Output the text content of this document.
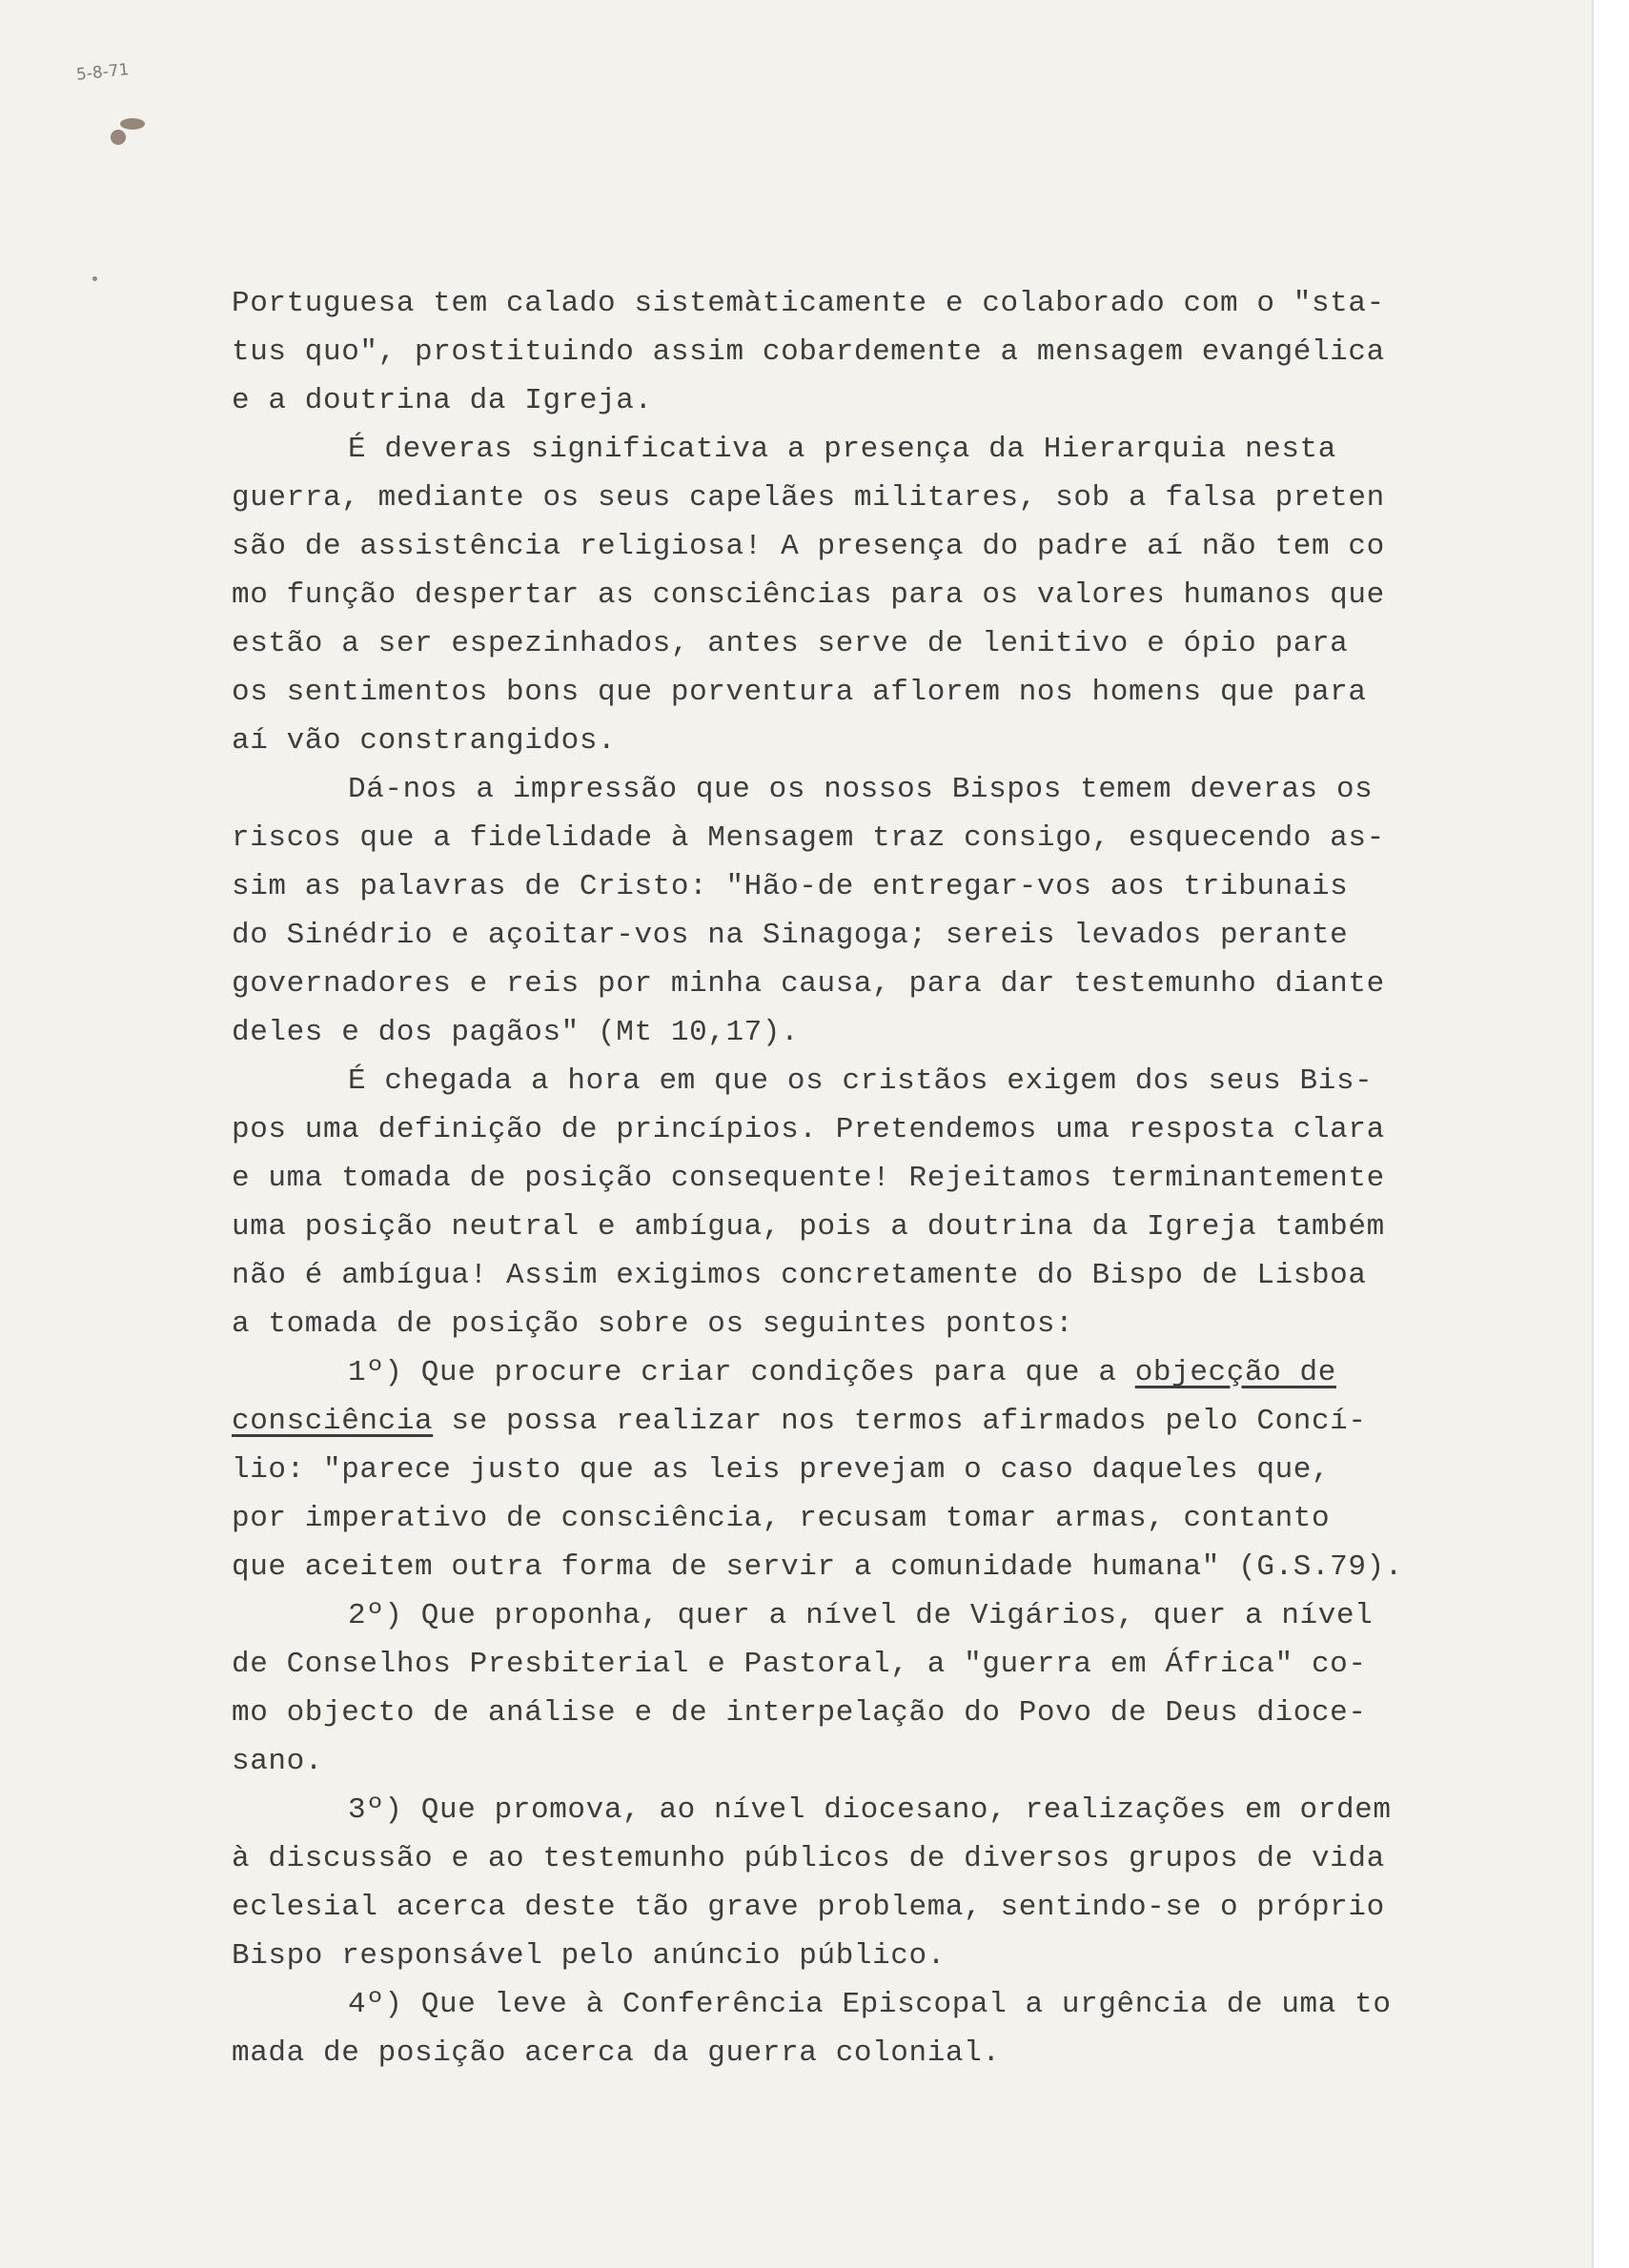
5-8-71
Portuguesa tem calado sistemàticamente e colaborado com o "sta-
tus quo", prostituindo assim cobardemente a mensagem evangélica
e a doutrina da Igreja.
É deveras significativa a presença da Hierarquia nesta
guerra, mediante os seus capelães militares, sob a falsa preten
são de assistência religiosa! A presença do padre aí não tem co
mo função despertar as consciências para os valores humanos que
estão a ser espezinhados, antes serve de lenitivo e ópio para
os sentimentos bons que porventura aflorem nos homens que para
aí vão constrangidos.
Dá-nos a impressão que os nossos Bispos temem deveras os
riscos que a fidelidade à Mensagem traz consigo, esquecendo as-
sim as palavras de Cristo: "Hão-de entregar-vos aos tribunais
do Sinédrio e açoitar-vos na Sinagoga; sereis levados perante
governadores e reis por minha causa, para dar testemunho diante
deles e dos pagãos" (Mt 10,17).
É chegada a hora em que os cristãos exigem dos seus Bis-
pos uma definição de princípios. Pretendemos uma resposta clara
e uma tomada de posição consequente! Rejeitamos terminantemente
uma posição neutral e ambígua, pois a doutrina da Igreja também
não é ambígua! Assim exigimos concretamente do Bispo de Lisboa
a tomada de posição sobre os seguintes pontos:
1º) Que procure criar condições para que a objecção de
consciência se possa realizar nos termos afirmados pelo Concí-
lio: "parece justo que as leis prevejam o caso daqueles que,
por imperativo de consciência, recusam tomar armas, contanto
que aceitem outra forma de servir a comunidade humana" (G.S.79).
2º) Que proponha, quer a nível de Vigários, quer a nível
de Conselhos Presbiterial e Pastoral, a "guerra em África" co-
mo objecto de análise e de interpelação do Povo de Deus dioce-
sano.
3º) Que promova, ao nível diocesano, realizações em ordem
à discussão e ao testemunho públicos de diversos grupos de vida
eclesial acerca deste tão grave problema, sentindo-se o próprio
Bispo responsável pelo anúncio público.
4º) Que leve à Conferência Episcopal a urgência de uma to
mada de posição acerca da guerra colonial.
